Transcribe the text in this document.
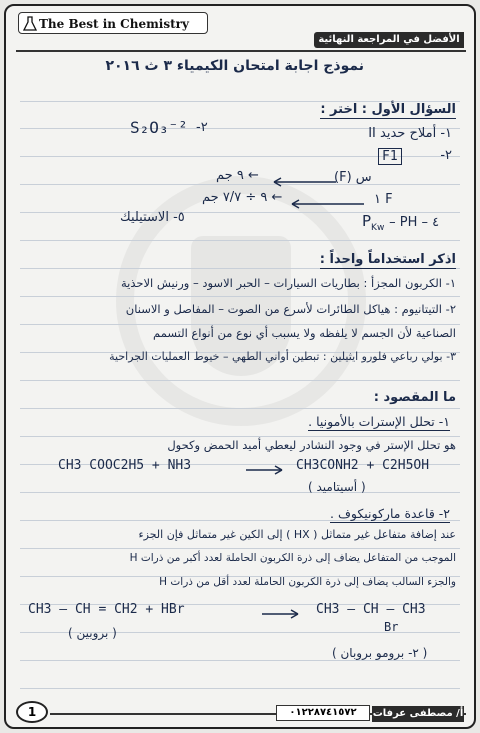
The Best in Chemistry
الأفضل في المراجعة النهائية
نموذج اجابة امتحان الكيمياء ٣ ث ٢٠١٦
السؤال الأول : اختر :
S₂O₃⁻² ٢-	١- أملاح حديد II
٢-
F1
س (F)
← ٩ جم
F ١
← ٩ ÷ ٧/٧ جم
$P_{Kw}$ – PH – ٤
٥- الاستيليك
اذكر استخداماً واحداً :
١- الكربون المجزأ : بطاريات السيارات – الحبر الاسود – ورنيش الاحذية
٢- التيتانيوم : هياكل الطائرات لأسرع من الصوت – المفاصل و الاسنان
الصناعية لأن الجسم لا يلفظه ولا يسبب أي نوع من أنواع التسمم
٣- بولي رباعي فلورو ايثيلين : تبطين أواني الطهي – خيوط العمليات الجراحية
ما المقصود :
١- تحلل الإسترات بالأمونيا .
هو تحلل الإستر في وجود النشادر ليعطي أميد الحمض وكحول
CH3 COOC2H5 + NH3	→ CH3CONH2 + C2H5OH
( أسيتاميد )
٢- قاعدة ماركونيكوف .
عند إضافة متفاعل غير متماثل ( HX ) إلى الكين غير متماثل فإن الجزء
الموجب من المتفاعل يضاف إلى ذرة الكربون الحاملة لعدد أكبر من ذرات H
والجزء السالب يضاف إلى ذرة الكربون الحاملة لعدد أقل من ذرات H
CH3 – CH = CH2 + HBr	→ CH3 – CH – CH3
Br
( بروبين )
( ٢- برومو بروبان )
1	٠١٢٢٨٧٤١٥٧٢	أ/ مصطفى عرفات
